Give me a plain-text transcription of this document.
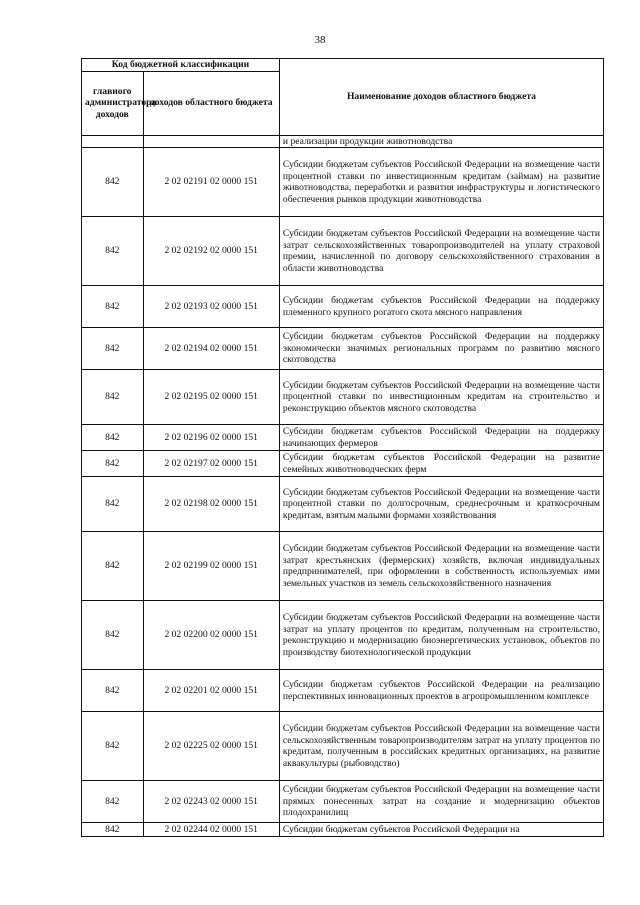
38
Код бюджетной классификации		Наименование доходов областного бюджета
главного администратора доходов	доходов областного бюджета	
		и реализации продукции животноводства
842	2 02 02191 02 0000 151	Субсидии бюджетам субъектов Российской Федерации на возмещение части процентной ставки по инвестиционным кредитам (займам) на развитие животноводства, переработки и развития инфраструктуры и логистического обеспечения рынков продукции животноводства
842	2 02 02192 02 0000 151	Субсидии бюджетам субъектов Российской Федерации на возмещение части затрат сельскохозяйственных товаропроизводителей на уплату страховой премии, начисленной по договору сельскохозяйственного страхования в области животноводства
842	2 02 02193 02 0000 151	Субсидии бюджетам субъектов Российской Федерации на поддержку племенного крупного рогатого скота мясного направления
842	2 02 02194 02 0000 151	Субсидии бюджетам субъектов Российской Федерации на поддержку экономически значимых региональных программ по развитию мясного скотоводства
842	2 02 02195 02 0000 151	Субсидии бюджетам субъектов Российской Федерации на возмещение части процентной ставки по инвестиционным кредитам на строительство и реконструкцию объектов мясного скотоводства
842	2 02 02196 02 0000 151	Субсидии бюджетам субъектов Российской Федерации на поддержку начинающих фермеров
842	2 02 02197 02 0000 151	Субсидии бюджетам субъектов Российской Федерации на развитие семейных животноводческих ферм
842	2 02 02198 02 0000 151	Субсидии бюджетам субъектов Российской Федерации на возмещение части процентной ставки по долгосрочным, среднесрочным и краткосрочным кредитам, взятым малыми формами хозяйствования
842	2 02 02199 02 0000 151	Субсидии бюджетам субъектов Российской Федерации на возмещение части затрат крестьянских (фермерских) хозяйств, включая индивидуальных предпринимателей, при оформлении в собственность используемых ими земельных участков из земель сельскохозяйственного назначения
842	2 02 02200 02 0000 151	Субсидии бюджетам субъектов Российской Федерации на возмещение части затрат на уплату процентов по кредитам, полученным на строительство, реконструкцию и модернизацию биоэнергетических установок, объектов по производству биотехнологической продукции
842	2 02 02201 02 0000 151	Субсидии бюджетам субъектов Российской Федерации на реализацию перспективных инновационных проектов в агропромышленном комплексе
842	2 02 02225 02 0000 151	Субсидии бюджетам субъектов Российской Федерации на возмещение части сельскохозяйственным товаропроизводителям затрат на уплату процентов по кредитам, полученным в российских кредитных организациях, на развитие аквакультуры (рыбоводство)
842	2 02 02243 02 0000 151	Субсидии бюджетам субъектов Российской Федерации на возмещение части прямых понесенных затрат на создание и модернизацию объектов плодохранилищ
842	2 02 02244 02 0000 151	Субсидии бюджетам субъектов Российской Федерации на
